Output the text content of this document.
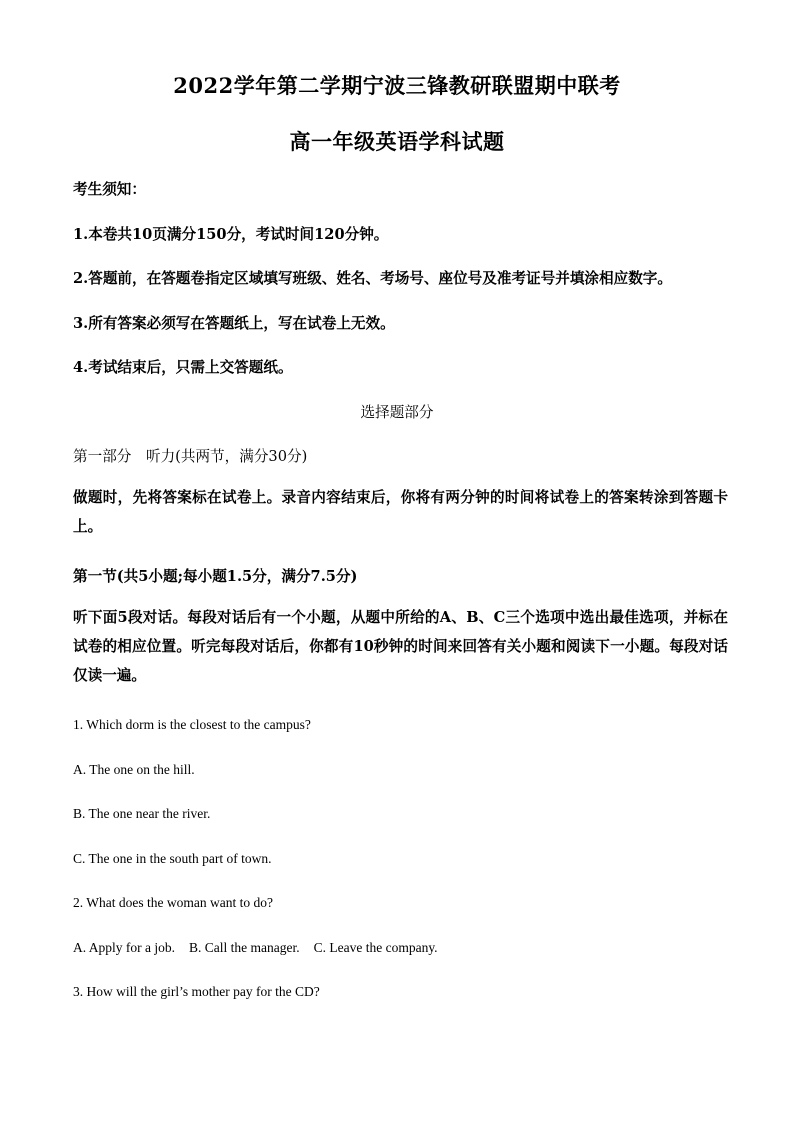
2022学年第二学期宁波三锋教研联盟期中联考
高一年级英语学科试题
考生须知：
1.本卷共10页满分150分，考试时间120分钟。
2.答题前，在答题卷指定区域填写班级、姓名、考场号、座位号及准考证号并填涂相应数字。
3.所有答案必须写在答题纸上，写在试卷上无效。
4.考试结束后，只需上交答题纸。
选择题部分
第一部分　听力(共两节，满分30分)
做题时，先将答案标在试卷上。录音内容结束后，你将有两分钟的时间将试卷上的答案转涂到答题卡上。
第一节(共5小题;每小题1.5分，满分7.5分)
听下面5段对话。每段对话后有一个小题，从题中所给的A、B、C三个选项中选出最佳选项，并标在试卷的相应位置。听完每段对话后，你都有10秒钟的时间来回答有关小题和阅读下一小题。每段对话仅读一遍。
1. Which dorm is the closest to the campus?
A. The one on the hill.
B. The one near the river.
C. The one in the south part of town.
2. What does the woman want to do?
A. Apply for a job. B. Call the manager. C. Leave the company.
3. How will the girl’s mother pay for the CD?
